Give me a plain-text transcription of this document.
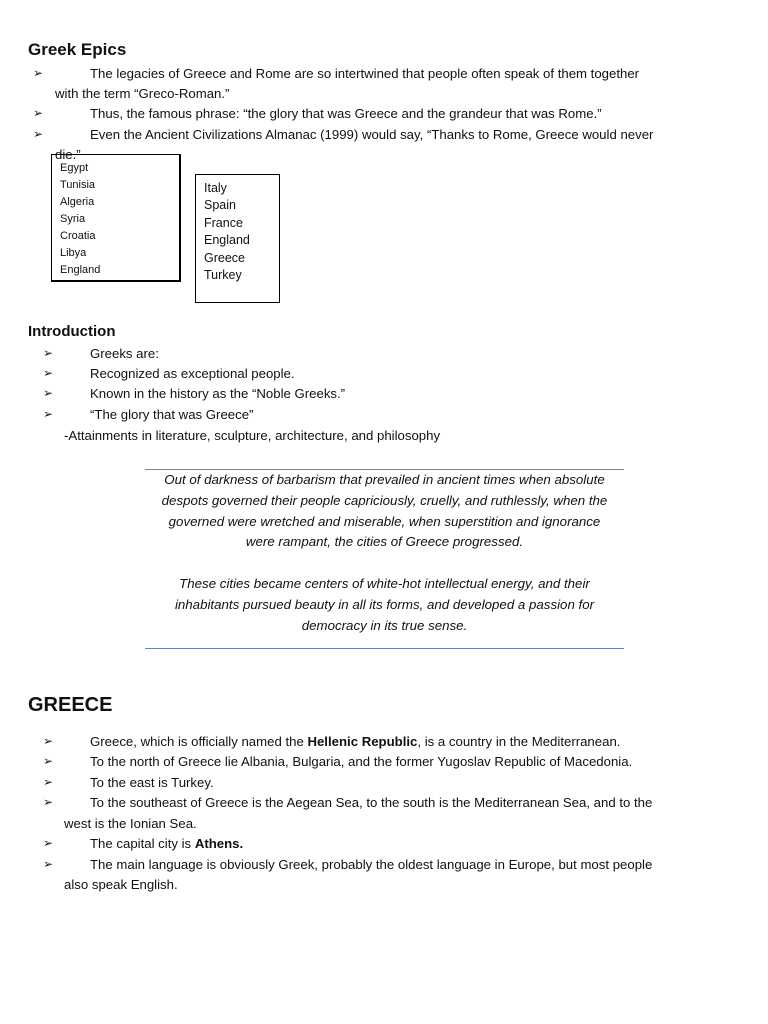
Greek Epics
➢	The legacies of Greece and Rome are so intertwined that people often speak of them together
with the term “Greco-Roman.”
➢	Thus, the famous phrase: “the glory that was Greece and the grandeur that was Rome.”
➢	Even the Ancient Civilizations Almanac (1999) would say, “Thanks to Rome, Greece would never
die.”
Egypt
Tunisia
Algeria
Syria
Croatia
Libya
England
Italy
Spain
France
England
Greece
Turkey
Introduction
➢	Greeks are:
➢	Recognized as exceptional people.
➢	Known in the history as the “Noble Greeks.”
➢	“The glory that was Greece”
-Attainments in literature, sculpture, architecture, and philosophy

Out of darkness of barbarism that prevailed in ancient times when absolute
despots governed their people capriciously, cruelly, and ruthlessly, when the
governed were wretched and miserable, when superstition and ignorance
were rampant, the cities of Greece progressed.

These cities became centers of white-hot intellectual energy, and their
inhabitants pursued beauty in all its forms, and developed a passion for
democracy in its true sense.

GREECE
➢	Greece, which is officially named the Hellenic Republic, is a country in the Mediterranean.
➢	To the north of Greece lie Albania, Bulgaria, and the former Yugoslav Republic of Macedonia.
➢	To the east is Turkey.
➢	To the southeast of Greece is the Aegean Sea, to the south is the Mediterranean Sea, and to the
west is the Ionian Sea.
➢	The capital city is Athens.
➢	The main language is obviously Greek, probably the oldest language in Europe, but most people
also speak English.
